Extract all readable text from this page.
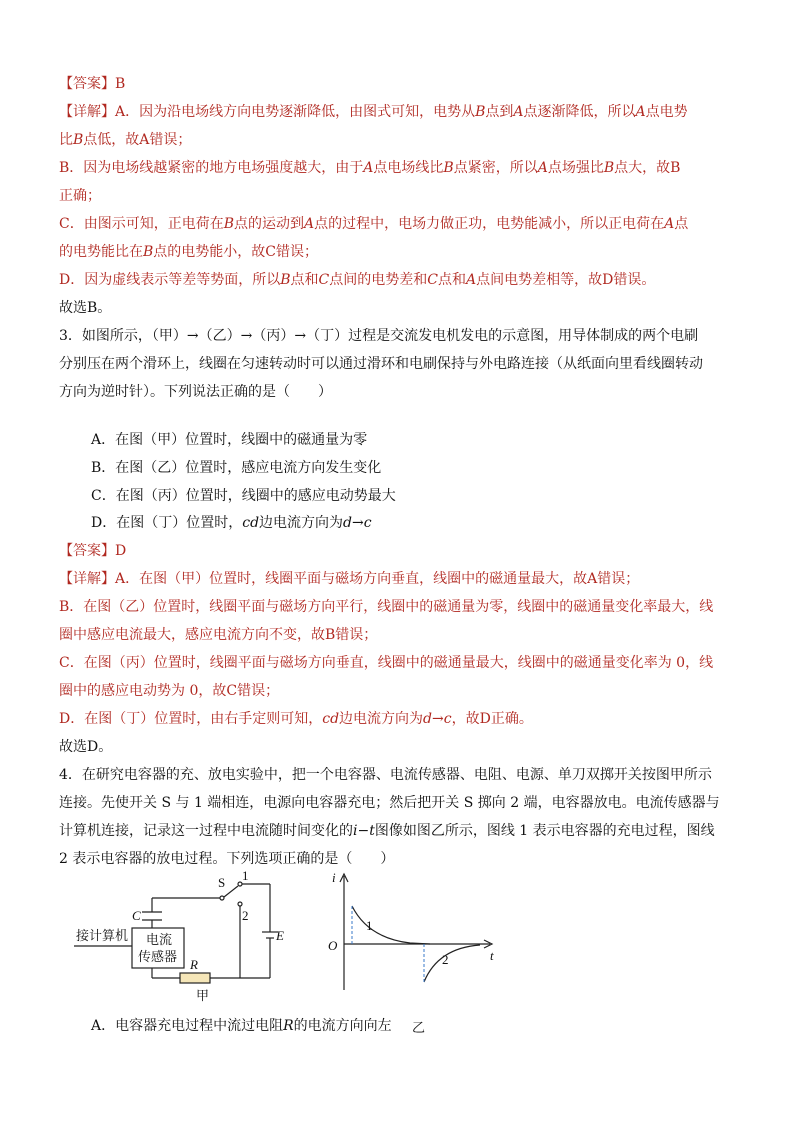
【答案】B
【详解】A．因为沿电场线方向电势逐渐降低，由图式可知，电势从B点到A点逐渐降低，所以A点电势
比B点低，故A错误；
B．因为电场线越紧密的地方电场强度越大，由于A点电场线比B点紧密，所以A点场强比B点大，故B
正确；
C．由图示可知，正电荷在B点的运动到A点的过程中，电场力做正功，电势能减小，所以正电荷在A点
的电势能比在B点的电势能小，故C错误；
D．因为虚线表示等差等势面，所以B点和C点间的电势差和C点和A点间电势差相等，故D错误。
故选B。
3．如图所示，（甲）→（乙）→（丙）→（丁）过程是交流发电机发电的示意图，用导体制成的两个电刷
分别压在两个滑环上，线圈在匀速转动时可以通过滑环和电刷保持与外电路连接（从纸面向里看线圈转动
方向为逆时针）。下列说法正确的是（　　）
A．在图（甲）位置时，线圈中的磁通量为零
B．在图（乙）位置时，感应电流方向发生变化
C．在图（丙）位置时，线圈中的感应电动势最大
D．在图（丁）位置时，cd边电流方向为d→c
【答案】D
【详解】A．在图（甲）位置时，线圈平面与磁场方向垂直，线圈中的磁通量最大，故A错误；
B．在图（乙）位置时，线圈平面与磁场方向平行，线圈中的磁通量为零，线圈中的磁通量变化率最大，线
圈中感应电流最大，感应电流方向不变，故B错误；
C．在图（丙）位置时，线圈平面与磁场方向垂直，线圈中的磁通量最大，线圈中的磁通量变化率为 0，线
圈中的感应电动势为 0，故C错误；
D．在图（丁）位置时，由右手定则可知，cd边电流方向为d→c，故D正确。
故选D。
4．在研究电容器的充、放电实验中，把一个电容器、电流传感器、电阻、电源、单刀双掷开关按图甲所示
连接。先使开关 S 与 1 端相连，电源向电容器充电；然后把开关 S 掷向 2 端，电容器放电。电流传感器与
计算机连接，记录这一过程中电流随时间变化的i−t图像如图乙所示，图线 1 表示电容器的充电过程，图线
2 表示电容器的放电过程。下列选项正确的是（　　）
S 1
2
C
E
R
接计算机 电流
传感器
甲
i
t
O
1
2
乙
A．电容器充电过程中流过电阻R的电流方向向左
